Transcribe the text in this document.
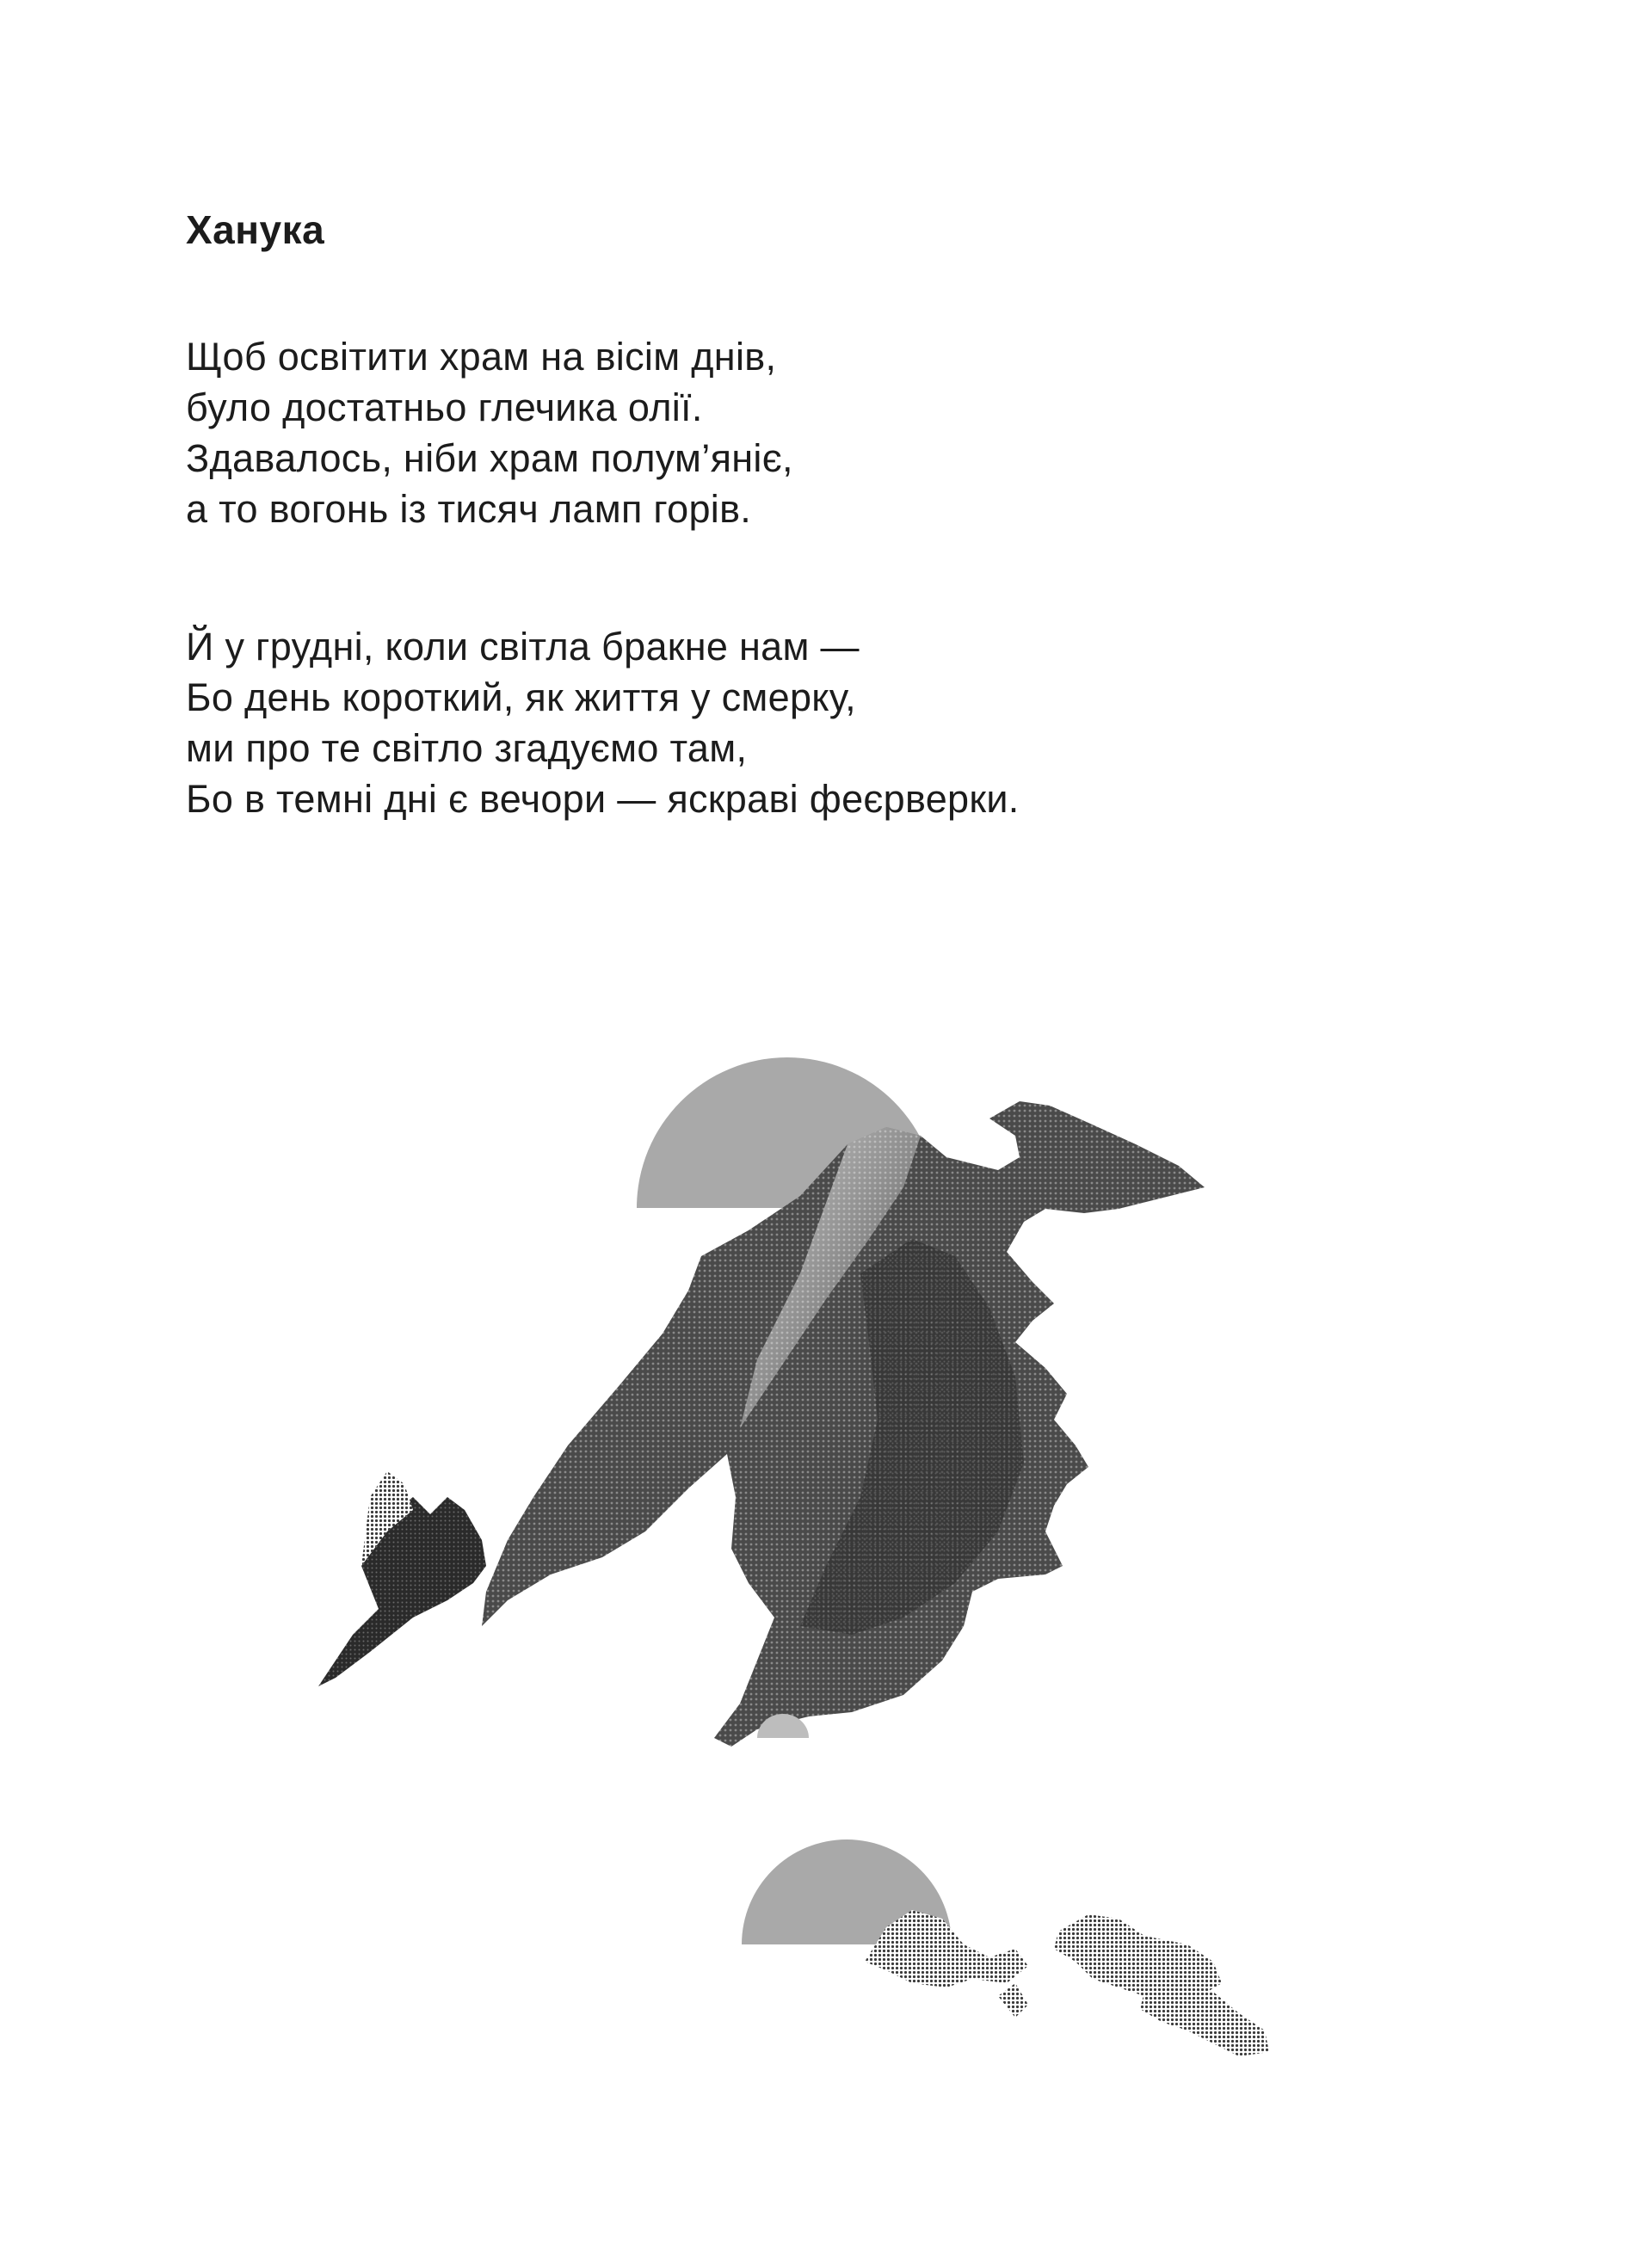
Ханука

Щоб освітити храм на вісім днів,
було достатньо глечика олії.
Здавалось, ніби храм полум’яніє,
а то вогонь із тисяч ламп горів.

Й у грудні, коли світла бракне нам —
Бо день короткий, як життя у смерку,
ми про те світло згадуємо там,
Бо в темні дні є вечори — яскраві феєрверки.
